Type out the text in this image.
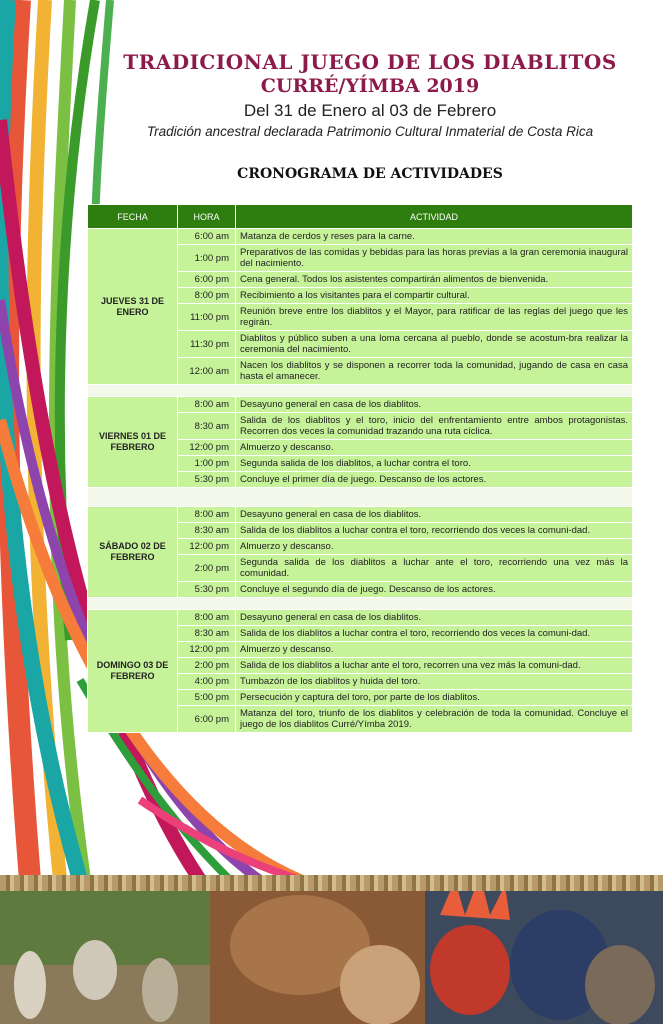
TRADICIONAL JUEGO DE LOS DIABLITOS
CURRÉ/YÍMBA 2019
Del 31 de Enero al 03 de Febrero
Tradición ancestral declarada Patrimonio Cultural Inmaterial de Costa Rica
CRONOGRAMA DE ACTIVIDADES
FECHA	HORA	ACTIVIDAD
JUEVES 31 DE ENERO	6:00 am	Matanza de cerdos y reses para la carne.
	1:00 pm	Preparativos de las comidas y bebidas para las horas previas a la gran ceremonia inaugural del nacimiento.
	6:00 pm	Cena general. Todos los asistentes compartirán alimentos de bienvenida.
	8:00 pm	Recibimiento a los visitantes para el compartir cultural.
	11:00 pm	Reunión breve entre los diablitos y el Mayor, para ratificar de las reglas del juego que les regirán.
	11:30 pm	Diablitos y público suben a una loma cercana al pueblo, donde se acostum-bra realizar la ceremonia del nacimiento.
	12:00 am	Nacen los diablitos y se disponen a recorrer toda la comunidad, jugando de casa en casa hasta el amanecer.

VIERNES 01 DE FEBRERO	8:00 am	Desayuno general en casa de los diablitos.
	8:30 am	Salida de los diablitos y el toro, inicio del enfrentamiento entre ambos protagonistas. Recorren dos veces la comunidad trazando una ruta cíclica.
	12:00 pm	Almuerzo y descanso.
	1:00 pm	Segunda salida de los diablitos, a luchar contra el toro.
	5:30 pm	Concluye el primer día de juego. Descanso de los actores.

SÁBADO 02 DE FEBRERO	8:00 am	Desayuno general en casa de los diablitos.
	8:30 am	Salida de los diablitos a luchar contra el toro, recorriendo dos veces la comuni-dad.
	12:00 pm	Almuerzo y descanso.
	2:00 pm	Segunda salida de los diablitos a luchar ante el toro, recorriendo una vez más la comunidad.
	5:30 pm	Concluye el segundo día de juego. Descanso de los actores.

DOMINGO 03 DE FEBRERO	8:00 am	Desayuno general en casa de los diablitos.
	8:30 am	Salida de los diablitos a luchar contra el toro, recorriendo dos veces la comuni-dad.
	12:00 pm	Almuerzo y descanso.
	2:00 pm	Salida de los diablitos a luchar ante el toro, recorren una vez más la comuni-dad.
	4:00 pm	Tumbazón de los diablitos y huida del toro.
	5:00 pm	Persecución y captura del toro, por parte de los diablitos.
	6:00 pm	Matanza del toro, triunfo de los diablitos y celebración de toda la comunidad. Concluye el juego de los diablitos Curré/Yímba 2019.
